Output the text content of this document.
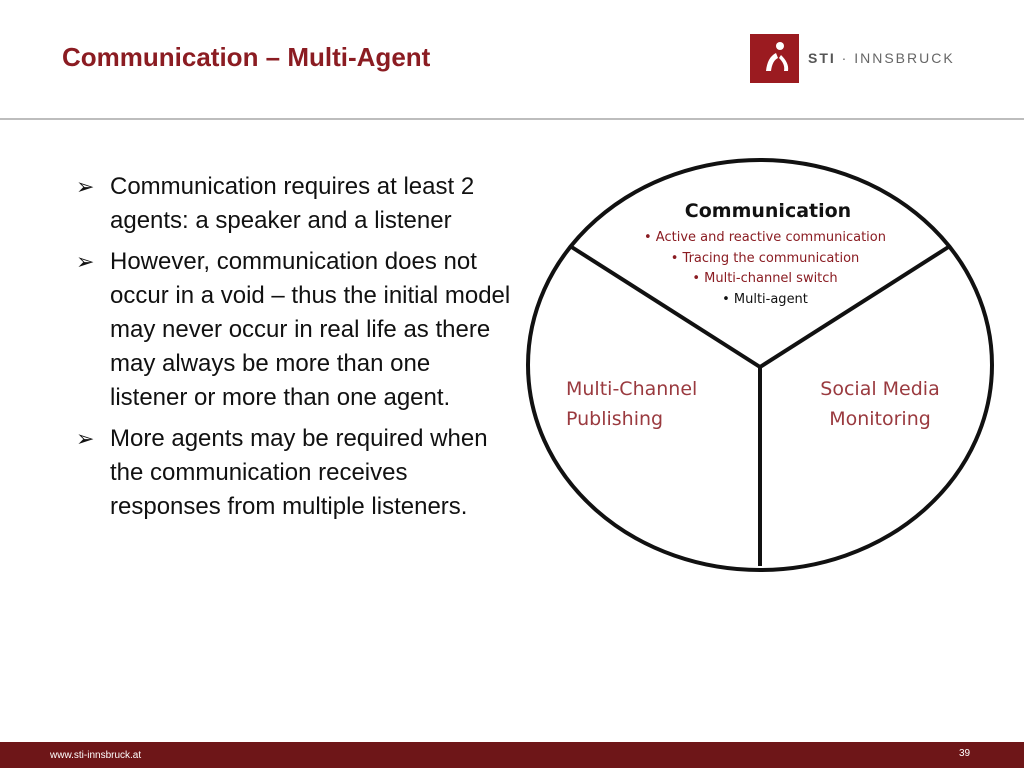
Communication – Multi-Agent	STI · INNSBRUCK
➢ Communication requires at least 2 agents: a speaker and a listener
➢ However, communication does not occur in a void – thus the initial model may never occur in real life as there may always be more than one listener or more than one agent.
➢ More agents may be required when the communication receives responses from multiple listeners.
Communication
• Active and reactive communication
• Tracing the communication
• Multi-channel switch
• Multi-agent
Multi-Channel
Publishing
Social Media
Monitoring
www.sti-innsbruck.at	39
